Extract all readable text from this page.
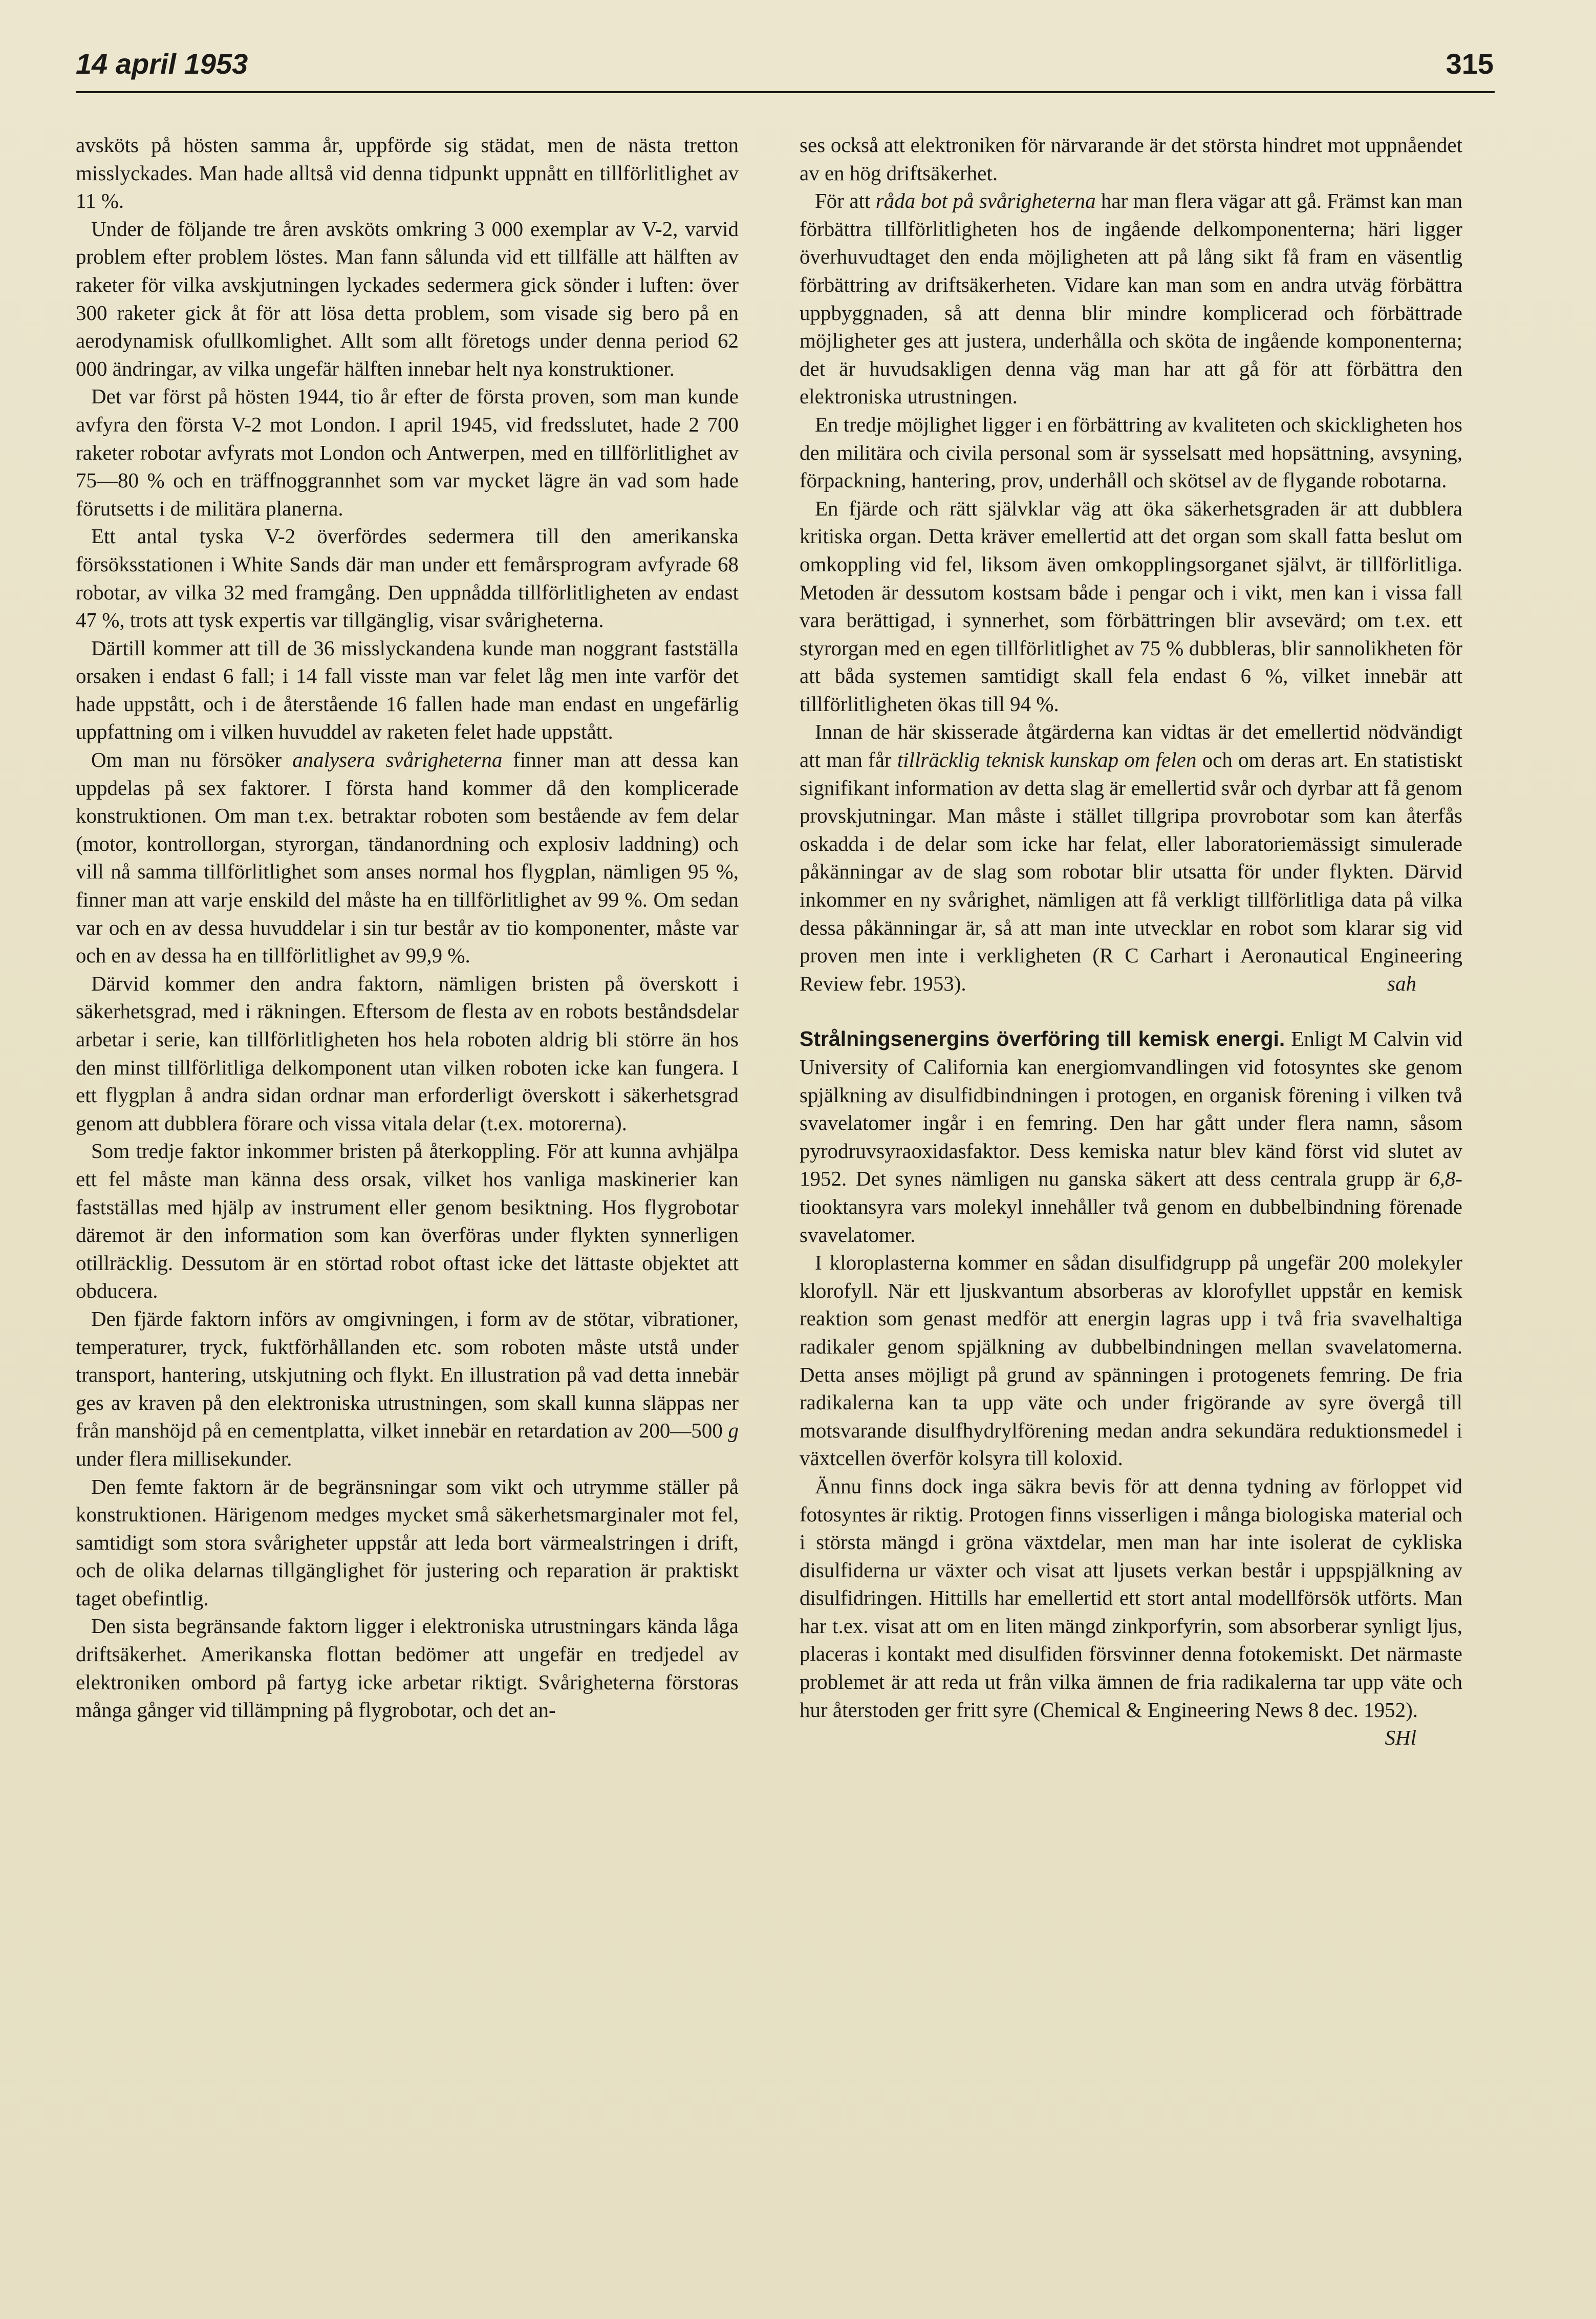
14 april 1953	315

avsköts på hösten samma år, uppförde sig städat, men de nästa tretton misslyckades. Man hade alltså vid denna tidpunkt uppnått en tillförlitlighet av 11 %.

Under de följande tre åren avsköts omkring 3 000 exemplar av V-2, varvid problem efter problem löstes. Man fann sålunda vid ett tillfälle att hälften av raketer för vilka avskjutningen lyckades sedermera gick sönder i luften: över 300 raketer gick åt för att lösa detta problem, som visade sig bero på en aerodynamisk ofullkomlighet. Allt som allt företogs under denna period 62 000 ändringar, av vilka ungefär hälften innebar helt nya konstruktioner.

Det var först på hösten 1944, tio år efter de första proven, som man kunde avfyra den första V-2 mot London. I april 1945, vid fredsslutet, hade 2 700 raketer robotar avfyrats mot London och Antwerpen, med en tillförlitlighet av 75—80 % och en träffnoggrannhet som var mycket lägre än vad som hade förutsetts i de militära planerna.

Ett antal tyska V-2 överfördes sedermera till den amerikanska försöksstationen i White Sands där man under ett femårsprogram avfyrade 68 robotar, av vilka 32 med framgång. Den uppnådda tillförlitligheten av endast 47 %, trots att tysk expertis var tillgänglig, visar svårigheterna.

Därtill kommer att till de 36 misslyckandena kunde man noggrant fastställa orsaken i endast 6 fall; i 14 fall visste man var felet låg men inte varför det hade uppstått, och i de återstående 16 fallen hade man endast en ungefärlig uppfattning om i vilken huvuddel av raketen felet hade uppstått.

Om man nu försöker analysera svårigheterna finner man att dessa kan uppdelas på sex faktorer. I första hand kommer då den komplicerade konstruktionen. Om man t.ex. betraktar roboten som bestående av fem delar (motor, kontrollorgan, styrorgan, tändanordning och explosiv laddning) och vill nå samma tillförlitlighet som anses normal hos flygplan, nämligen 95 %, finner man att varje enskild del måste ha en tillförlitlighet av 99 %. Om sedan var och en av dessa huvuddelar i sin tur består av tio komponenter, måste var och en av dessa ha en tillförlitlighet av 99,9 %.

Därvid kommer den andra faktorn, nämligen bristen på överskott i säkerhetsgrad, med i räkningen. Eftersom de flesta av en robots beståndsdelar arbetar i serie, kan tillförlitligheten hos hela roboten aldrig bli större än hos den minst tillförlitliga delkomponent utan vilken roboten icke kan fungera. I ett flygplan å andra sidan ordnar man erforderligt överskott i säkerhetsgrad genom att dubblera förare och vissa vitala delar (t.ex. motorerna).

Som tredje faktor inkommer bristen på återkoppling. För att kunna avhjälpa ett fel måste man känna dess orsak, vilket hos vanliga maskinerier kan fastställas med hjälp av instrument eller genom besiktning. Hos flygrobotar däremot är den information som kan överföras under flykten synnerligen otillräcklig. Dessutom är en störtad robot oftast icke det lättaste objektet att obducera.

Den fjärde faktorn införs av omgivningen, i form av de stötar, vibrationer, temperaturer, tryck, fuktförhållanden etc. som roboten måste utstå under transport, hantering, utskjutning och flykt. En illustration på vad detta innebär ges av kraven på den elektroniska utrustningen, som skall kunna släppas ner från manshöjd på en cementplatta, vilket innebär en retardation av 200—500 g under flera millisekunder.

Den femte faktorn är de begränsningar som vikt och utrymme ställer på konstruktionen. Härigenom medges mycket små säkerhetsmarginaler mot fel, samtidigt som stora svårigheter uppstår att leda bort värmealstringen i drift, och de olika delarnas tillgänglighet för justering och reparation är praktiskt taget obefintlig.

Den sista begränsande faktorn ligger i elektroniska utrustningars kända låga driftsäkerhet. Amerikanska flottan bedömer att ungefär en tredjedel av elektroniken ombord på fartyg icke arbetar riktigt. Svårigheterna förstoras många gånger vid tillämpning på flygrobotar, och det an-

ses också att elektroniken för närvarande är det största hindret mot uppnåendet av en hög driftsäkerhet.

För att råda bot på svårigheterna har man flera vägar att gå. Främst kan man förbättra tillförlitligheten hos de ingående delkomponenterna; häri ligger överhuvudtaget den enda möjligheten att på lång sikt få fram en väsentlig förbättring av driftsäkerheten. Vidare kan man som en andra utväg förbättra uppbyggnaden, så att denna blir mindre komplicerad och förbättrade möjligheter ges att justera, underhålla och sköta de ingående komponenterna; det är huvudsakligen denna väg man har att gå för att förbättra den elektroniska utrustningen.

En tredje möjlighet ligger i en förbättring av kvaliteten och skickligheten hos den militära och civila personal som är sysselsatt med hopsättning, avsyning, förpackning, hantering, prov, underhåll och skötsel av de flygande robotarna.

En fjärde och rätt självklar väg att öka säkerhetsgraden är att dubblera kritiska organ. Detta kräver emellertid att det organ som skall fatta beslut om omkoppling vid fel, liksom även omkopplingsorganet självt, är tillförlitliga. Metoden är dessutom kostsam både i pengar och i vikt, men kan i vissa fall vara berättigad, i synnerhet, som förbättringen blir avsevärd; om t.ex. ett styrorgan med en egen tillförlitlighet av 75 % dubbleras, blir sannolikheten för att båda systemen samtidigt skall fela endast 6 %, vilket innebär att tillförlitligheten ökas till 94 %.

Innan de här skisserade åtgärderna kan vidtas är det emellertid nödvändigt att man får tillräcklig teknisk kunskap om felen och om deras art. En statistiskt signifikant information av detta slag är emellertid svår och dyrbar att få genom provskjutningar. Man måste i stället tillgripa provrobotar som kan återfås oskadda i de delar som icke har felat, eller laboratoriemässigt simulerade påkänningar av de slag som robotar blir utsatta för under flykten. Därvid inkommer en ny svårighet, nämligen att få verkligt tillförlitliga data på vilka dessa påkänningar är, så att man inte utvecklar en robot som klarar sig vid proven men inte i verkligheten (R C Carhart i Aeronautical Engineering Review febr. 1953).	sah

Strålningsenergins överföring till kemisk energi. Enligt M Calvin vid University of California kan energiomvandlingen vid fotosyntes ske genom spjälkning av disulfidbindningen i protogen, en organisk förening i vilken två svavelatomer ingår i en femring. Den har gått under flera namn, såsom pyrodruvsyraoxidasfaktor. Dess kemiska natur blev känd först vid slutet av 1952. Det synes nämligen nu ganska säkert att dess centrala grupp är 6,8-tiooktansyra vars molekyl innehåller två genom en dubbelbindning förenade svavelatomer.

I kloroplasterna kommer en sådan disulfidgrupp på ungefär 200 molekyler klorofyll. När ett ljuskvantum absorberas av klorofyllet uppstår en kemisk reaktion som genast medför att energin lagras upp i två fria svavelhaltiga radikaler genom spjälkning av dubbelbindningen mellan svavelatomerna. Detta anses möjligt på grund av spänningen i protogenets femring. De fria radikalerna kan ta upp väte och under frigörande av syre övergå till motsvarande disulfhydrylförening medan andra sekundära reduktionsmedel i växtcellen överför kolsyra till koloxid.

Ännu finns dock inga säkra bevis för att denna tydning av förloppet vid fotosyntes är riktig. Protogen finns visserligen i många biologiska material och i största mängd i gröna växtdelar, men man har inte isolerat de cykliska disulfiderna ur växter och visat att ljusets verkan består i uppspjälkning av disulfidringen. Hittills har emellertid ett stort antal modellförsök utförts. Man har t.ex. visat att om en liten mängd zinkporfyrin, som absorberar synligt ljus, placeras i kontakt med disulfiden försvinner denna fotokemiskt. Det närmaste problemet är att reda ut från vilka ämnen de fria radikalerna tar upp väte och hur återstoden ger fritt syre (Chemical & Engineering News 8 dec. 1952).
SHl
